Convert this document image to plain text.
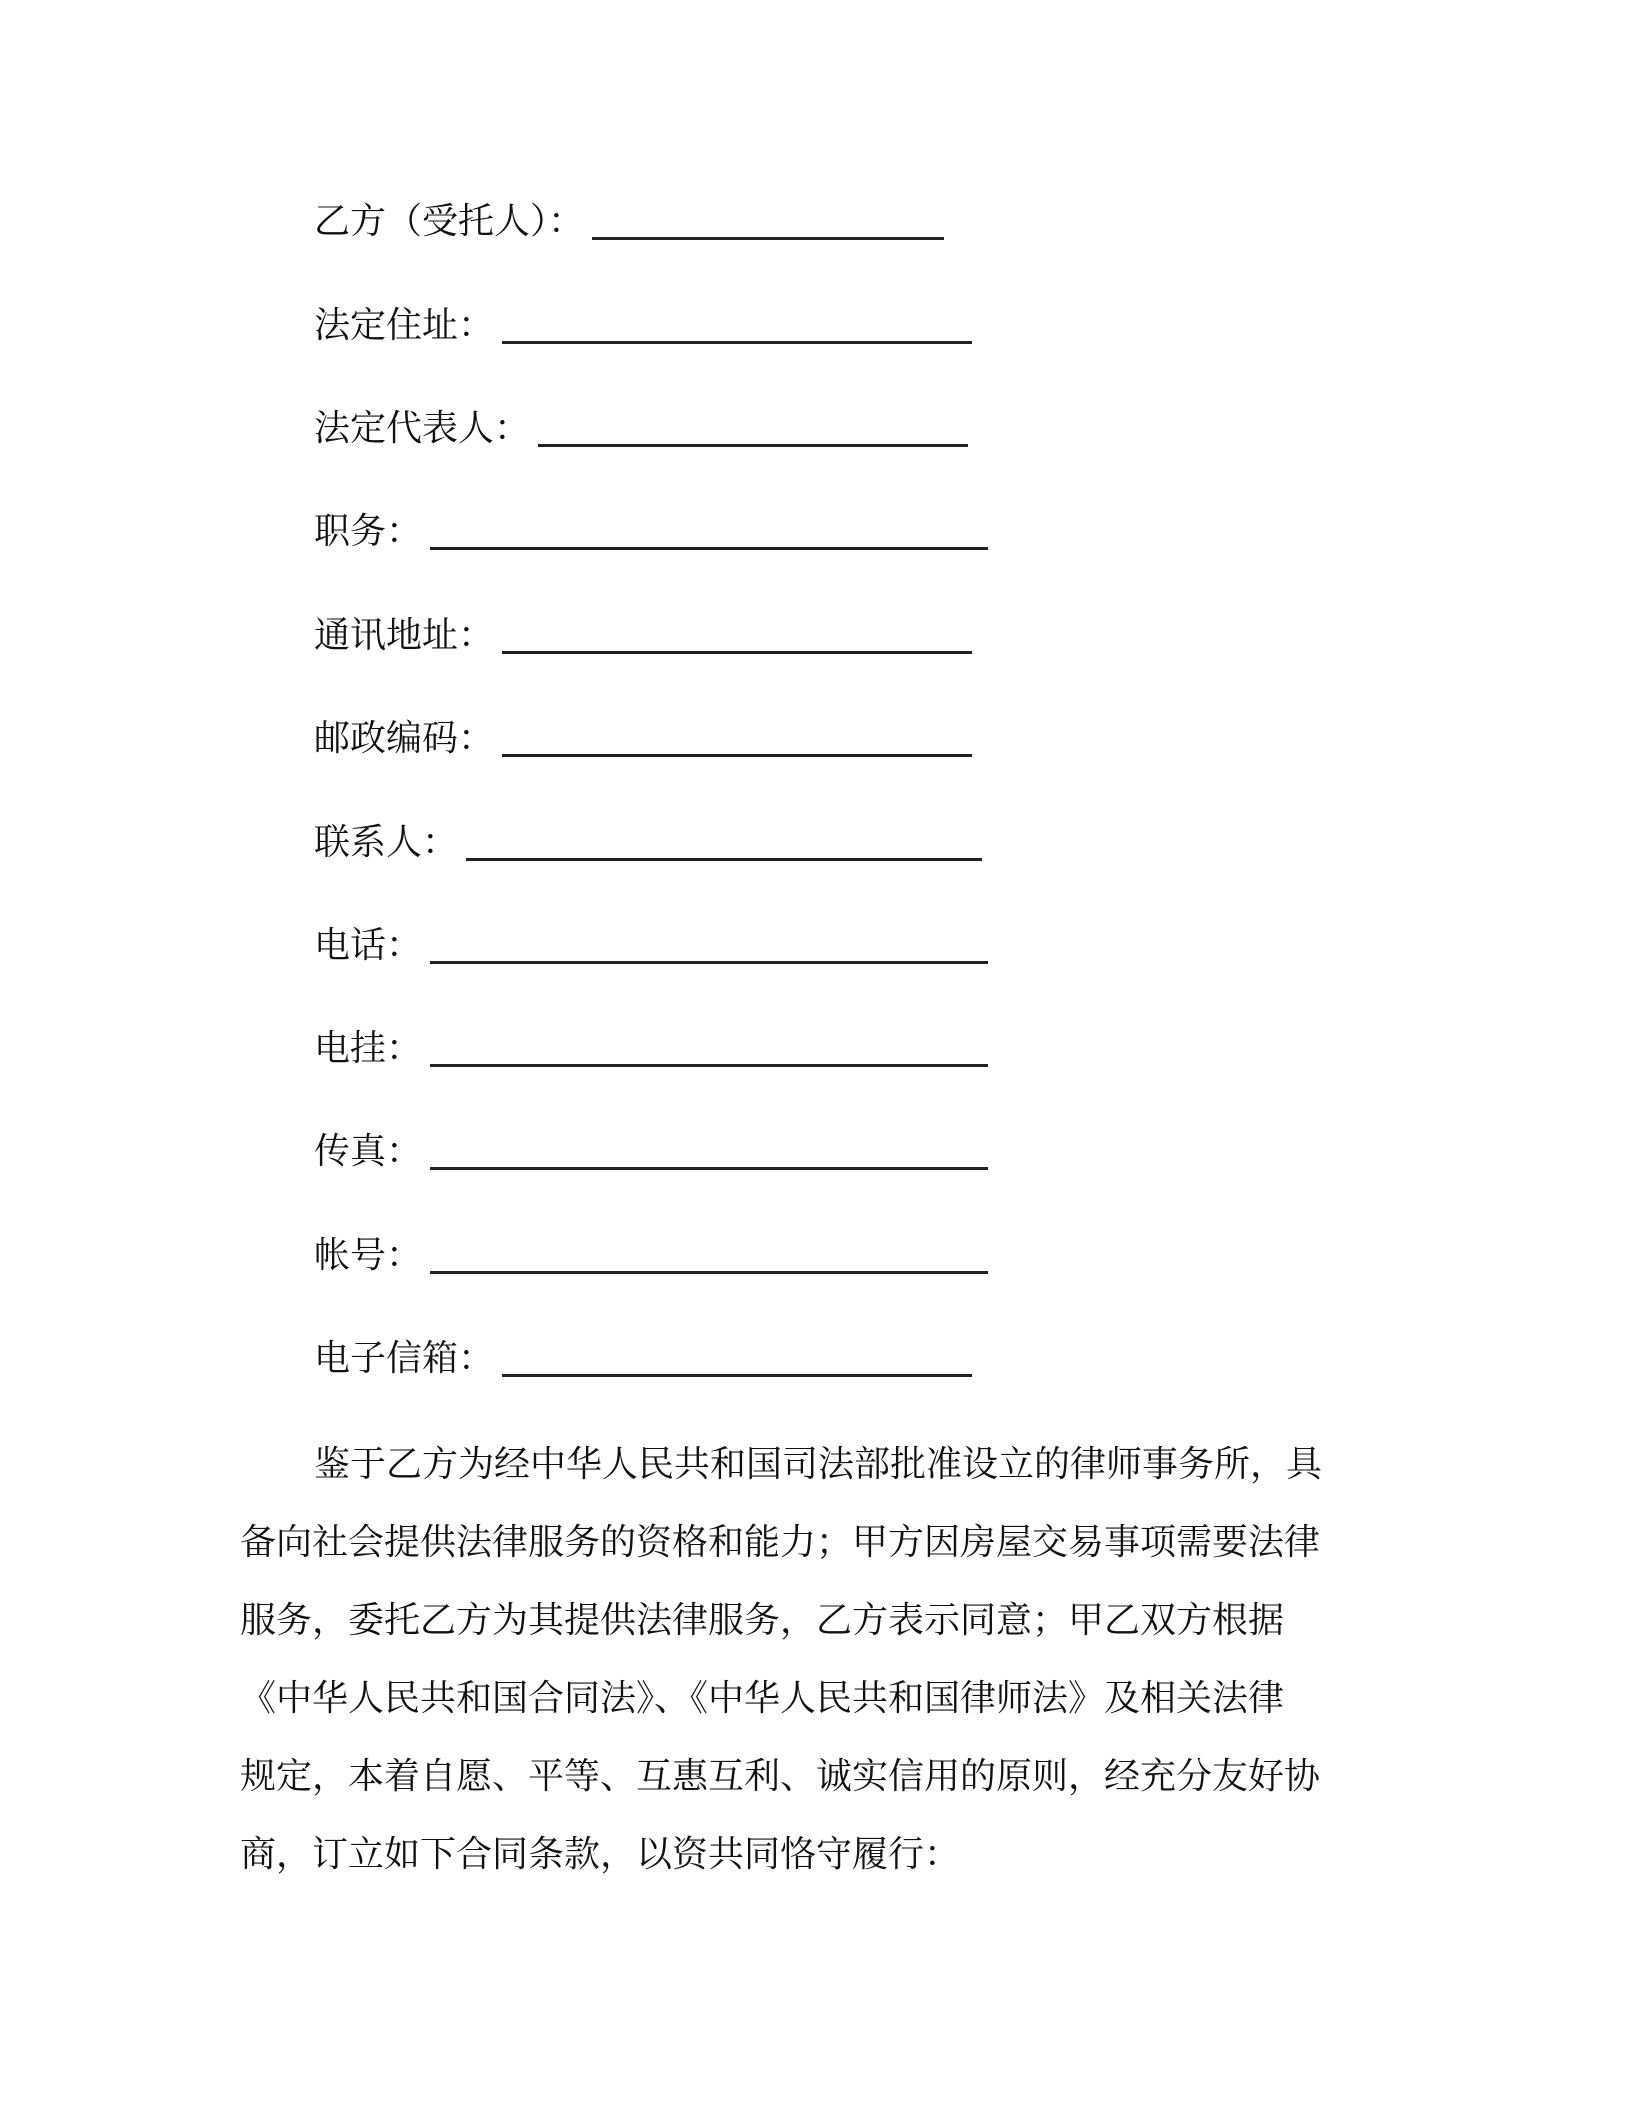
乙方（受托人）：
法定住址：
法定代表人：
职务：
通讯地址：
邮政编码：
联系人：
电话：
电挂：
传真：
帐号：
电子信箱：
鉴于乙方为经中华人民共和国司法部批准设立的律师事务所，具
备向社会提供法律服务的资格和能力；甲方因房屋交易事项需要法律
服务，委托乙方为其提供法律服务，乙方表示同意；甲乙双方根据
《中华人民共和国合同法》、《中华人民共和国律师法》及相关法律
规定，本着自愿、平等、互惠互利、诚实信用的原则，经充分友好协
商，订立如下合同条款，以资共同恪守履行：
